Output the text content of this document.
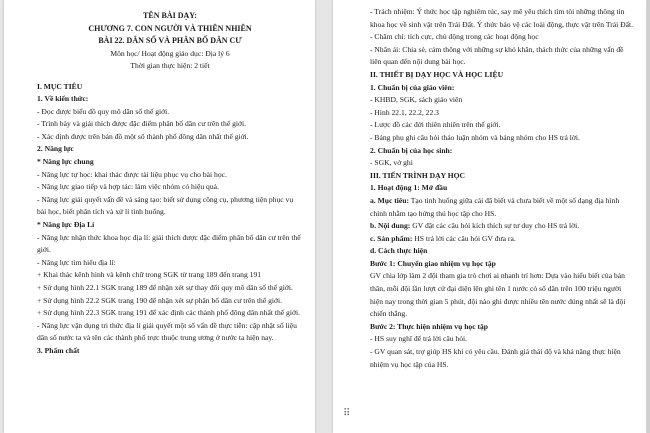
TÊN BÀI DẠY:
CHƯƠNG 7. CON NGƯỜI VÀ THIÊN NHIÊN
BÀI 22. DÂN SỐ VÀ PHÂN BỐ DÂN CƯ
Môn học/ Hoạt động giáo dục: Địa lý 6
Thời gian thực hiện: 2 tiết
I. MỤC TIÊU
1. Về kiến thức:
- Đọc được biểu đồ quy mô dân số thế giới.
- Trình bày và giải thích được đặc điểm phân bố dân cư trên thế giới.
- Xác định được trên bản đồ một số thành phố đông dân nhất thế giới.
2. Năng lực
* Năng lực chung
- Năng lực tự học: khai thác được tài liệu phục vụ cho bài học.
- Năng lực giao tiếp và hợp tác: làm việc nhóm có hiệu quả.
- Năng lực giải quyết vấn đề và sáng tạo: biết sử dụng công cụ, phương tiện phục vụ bài học, biết phân tích và xử lí tình huống.
* Năng lực Địa Lí
- Năng lực nhận thức khoa học địa lí: giải thích được đặc điểm phân bố dân cư trên thế giới.
- Năng lực tìm hiểu địa lí:
+ Khai thác kênh hình và kênh chữ trong SGK từ trang 189 đến trang 191
+ Sử dụng hình 22.1 SGK trang 189 để nhận xét sự thay đổi quy mô dân số thế giới.
+ Sử dụng hình 22.2 SGK trang 190 để nhận xét sự phân bố dân cư trên thế giới.
+ Sử dụng hình 22.3 SGK trang 191 để xác định các thành phố đông dân nhất thế giới.
- Năng lực vận dụng tri thức địa lí giải quyết một số vấn đề thực tiễn: cập nhật số liệu dân số nước ta và tên các thành phố trực thuộc trung ương ở nước ta hiện nay.
3. Phẩm chất
- Trách nhiệm: Ý thức học tập nghiêm túc, say mê yêu thích tìm tòi những thông tin khoa học về sinh vật trên Trái Đất. Ý thức bảo vệ các loài động, thực vật trên Trái Đất.
- Chăm chỉ: tích cực, chủ động trong các hoạt động học
- Nhân ái: Chia sẻ, cảm thông với những sự khó khăn, thách thức của những vấn đề liên quan đến nội dung bài học.
II. THIẾT BỊ DẠY HỌC VÀ HỌC LIỆU
1. Chuẩn bị của giáo viên:
- KHBD, SGK, sách giáo viên
- Hình 22.1, 22.2, 22.3
- Lược đồ các đới thiên nhiên trên thế giới.
- Bảng phụ ghi câu hỏi thảo luận nhóm và bảng nhóm cho HS trả lời.
2. Chuẩn bị của học sinh:
- SGK, vở ghi
III. TIẾN TRÌNH DẠY HỌC
1. Hoạt động 1: Mở đầu
a. Mục tiêu: Tạo tình huống giữa cái đã biết và chưa biết về một số dạng địa hình chính nhằm tạo hứng thú học tập cho HS.
b. Nội dung: GV đặt các câu hỏi kích thích sự tư duy cho HS trả lời.
c. Sản phẩm: HS trả lời các câu hỏi GV đưa ra.
d. Cách thực hiện
Bước 1: Chuyển giao nhiệm vụ học tập
GV chia lớp làm 2 đội tham gia trò chơi ai nhanh trí hơn: Dựa vào hiểu biết của bản thân, mỗi đội lần lượt cử đại diện lên ghi tên 1 nước có số dân trên 100 triệu người hiện nay trong thời gian 5 phút, đội nào ghi được nhiều tên nước đúng nhất sẽ là đội chiến thắng.
Bước 2: Thực hiện nhiệm vụ học tập
- HS suy nghĩ để trả lời câu hỏi.
- GV quan sát, trợ giúp HS khi có yêu cầu. Đánh giá thái độ và khả năng thực hiện nhiệm vụ học tập của HS.
⠿
